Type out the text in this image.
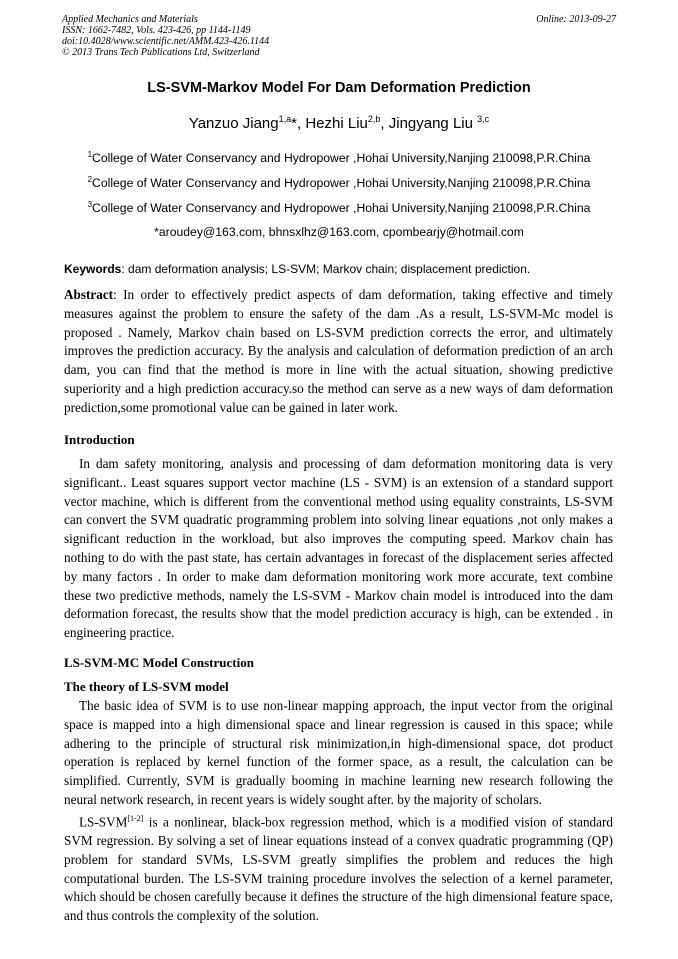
Applied Mechanics and Materials
ISSN: 1662-7482, Vols. 423-426, pp 1144-1149
doi:10.4028/www.scientific.net/AMM.423-426.1144
© 2013 Trans Tech Publications Ltd, Switzerland
Online: 2013-09-27
LS-SVM-Markov Model For Dam Deformation Prediction
Yanzuo Jiang$^{1,a}$*, Hezhi Liu$^{2,b}$, Jingyang Liu $^{3,c}$
$^1$College of Water Conservancy and Hydropower ,Hohai University,Nanjing 210098,P.R.China
$^2$College of Water Conservancy and Hydropower ,Hohai University,Nanjing 210098,P.R.China
$^3$College of Water Conservancy and Hydropower ,Hohai University,Nanjing 210098,P.R.China
*aroudey@163.com, bhnsxlhz@163.com, cpombearjy@hotmail.com
Keywords: dam deformation analysis; LS-SVM; Markov chain; displacement prediction.

Abstract: In order to effectively predict aspects of dam deformation, taking effective and timely measures against the problem to ensure the safety of the dam .As a result, LS-SVM-Mc model is proposed . Namely, Markov chain based on LS-SVM prediction corrects the error, and ultimately improves the prediction accuracy. By the analysis and calculation of deformation prediction of an arch dam, you can find that the method is more in line with the actual situation, showing predictive superiority and a high prediction accuracy.so the method can serve as a new ways of dam deformation prediction,some promotional value can be gained in later work.

Introduction

In dam safety monitoring, analysis and processing of dam deformation monitoring data is very significant.. Least squares support vector machine (LS - SVM) is an extension of a standard support vector machine, which is different from the conventional method using equality constraints, LS-SVM can convert the SVM quadratic programming problem into solving linear equations ,not only makes a significant reduction in the workload, but also improves the computing speed. Markov chain has nothing to do with the past state, has certain advantages in forecast of the displacement series affected by many factors . In order to make dam deformation monitoring work more accurate, text combine these two predictive methods, namely the LS-SVM - Markov chain model is introduced into the dam deformation forecast, the results show that the model prediction accuracy is high, can be extended . in engineering practice.

LS-SVM-MC Model Construction
The theory of LS-SVM model

The basic idea of SVM is to use non-linear mapping approach, the input vector from the original space is mapped into a high dimensional space and linear regression is caused in this space; while adhering to the principle of structural risk minimization,in high-dimensional space, dot product operation is replaced by kernel function of the former space, as a result, the calculation can be simplified. Currently, SVM is gradually booming in machine learning new research following the neural network research, in recent years is widely sought after. by the majority of scholars.

LS-SVM[1-2] is a nonlinear, black-box regression method, which is a modified vision of standard SVM regression. By solving a set of linear equations instead of a convex quadratic programming (QP) problem for standard SVMs, LS-SVM greatly simplifies the problem and reduces the high computational burden. The LS-SVM training procedure involves the selection of a kernel parameter, which should be chosen carefully because it defines the structure of the high dimensional feature space, and thus controls the complexity of the solution.
